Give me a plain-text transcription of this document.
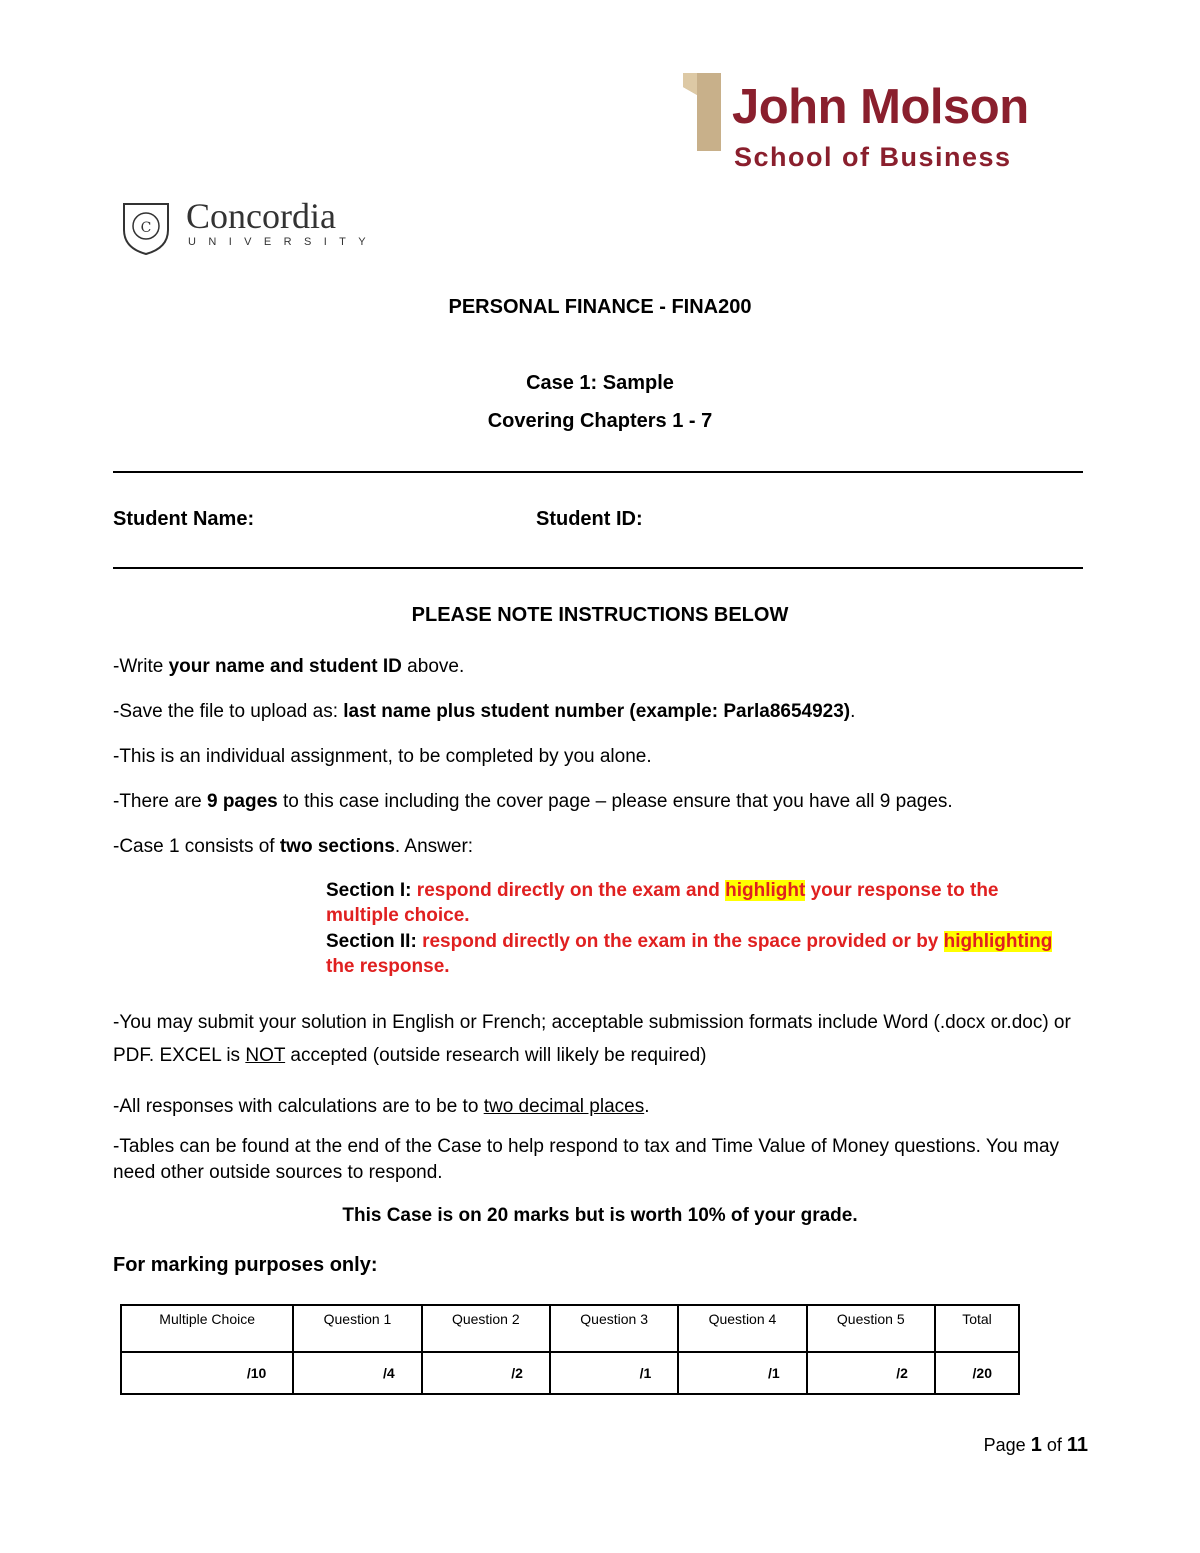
John Molson
School of Business
C Concordia
UNIVERSITY
PERSONAL FINANCE - FINA200
Case 1: Sample
Covering Chapters 1 - 7
Student Name:	Student ID:
PLEASE NOTE INSTRUCTIONS BELOW
-Write your name and student ID above.
-Save the file to upload as: last name plus student number (example: Parla8654923).
-This is an individual assignment, to be completed by you alone.
-There are 9 pages to this case including the cover page – please ensure that you have all 9 pages.
-Case 1 consists of two sections. Answer:
Section I: respond directly on the exam and highlight your response to the multiple choice.
Section II: respond directly on the exam in the space provided or by highlighting the response.
-You may submit your solution in English or French; acceptable submission formats include Word (.docx or.doc) or PDF. EXCEL is NOT accepted (outside research will likely be required)
-All responses with calculations are to be to two decimal places.
-Tables can be found at the end of the Case to help respond to tax and Time Value of Money questions. You may need other outside sources to respond.
This Case is on 20 marks but is worth 10% of your grade.
For marking purposes only:
Multiple Choice	Question 1	Question 2	Question 3	Question 4	Question 5	Total
/10	/4	/2	/1	/1	/2	/20
Page 1 of 11
